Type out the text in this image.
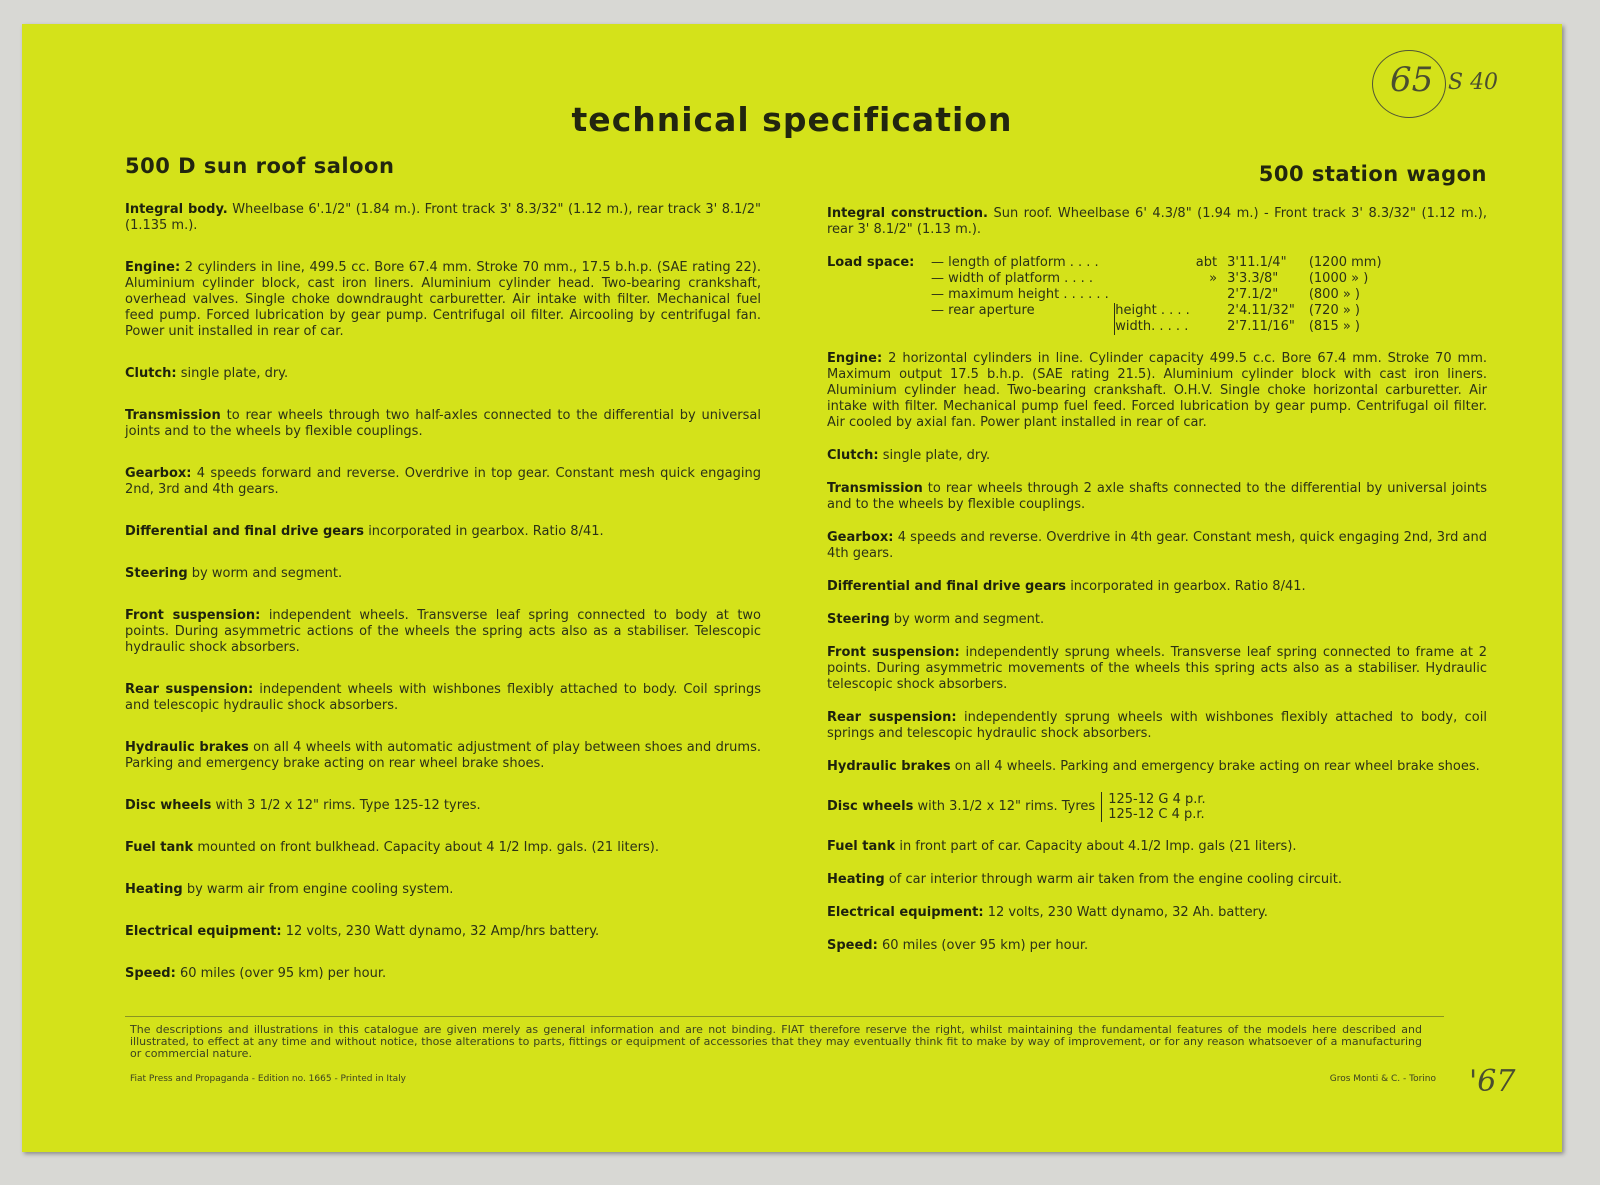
65 S 40
'67
technical specification
500 D sun roof saloon
Integral body. Wheelbase 6'.1/2" (1.84 m.). Front track 3' 8.3/32" (1.12 m.), rear track 3' 8.1/2" (1.135 m.).
Engine: 2 cylinders in line, 499.5 cc. Bore 67.4 mm. Stroke 70 mm., 17.5 b.h.p. (SAE rating 22). Aluminium cylinder block, cast iron liners. Aluminium cylinder head. Two-bearing crankshaft, overhead valves. Single choke downdraught carburetter. Air intake with filter. Mechanical fuel feed pump. Forced lubrication by gear pump. Centrifugal oil filter. Aircooling by centrifugal fan. Power unit installed in rear of car.
Clutch: single plate, dry.
Transmission to rear wheels through two half-axles connected to the differential by universal joints and to the wheels by flexible couplings.
Gearbox: 4 speeds forward and reverse. Overdrive in top gear. Constant mesh quick engaging 2nd, 3rd and 4th gears.
Differential and final drive gears incorporated in gearbox. Ratio 8/41.
Steering by worm and segment.
Front suspension: independent wheels. Transverse leaf spring connected to body at two points. During asymmetric actions of the wheels the spring acts also as a stabiliser. Telescopic hydraulic shock absorbers.
Rear suspension: independent wheels with wishbones flexibly attached to body. Coil springs and telescopic hydraulic shock absorbers.
Hydraulic brakes on all 4 wheels with automatic adjustment of play between shoes and drums. Parking and emergency brake acting on rear wheel brake shoes.
Disc wheels with 3 1/2 x 12" rims. Type 125-12 tyres.
Fuel tank mounted on front bulkhead. Capacity about 4 1/2 Imp. gals. (21 liters).
Heating by warm air from engine cooling system.
Electrical equipment: 12 volts, 230 Watt dynamo, 32 Amp/hrs battery.
Speed: 60 miles (over 95 km) per hour.
500 station wagon
Integral construction. Sun roof. Wheelbase 6' 4.3/8" (1.94 m.) - Front track 3' 8.3/32" (1.12 m.), rear 3' 8.1/2" (1.13 m.).
Load space:	— length of platform . . . .		abt	3'11.1/4"	(1200 mm)
— width of platform . . . .		»	3'3.3/8"	(1000 » )
— maximum height . . . . . .			2'7.1/2"	(800 » )
— rear aperture	height . . . .		2'4.11/32"	(720 » )
	width. . . . .		2'7.11/16"	(815 » )
Engine: 2 horizontal cylinders in line. Cylinder capacity 499.5 c.c. Bore 67.4 mm. Stroke 70 mm. Maximum output 17.5 b.h.p. (SAE rating 21.5). Aluminium cylinder block with cast iron liners. Aluminium cylinder head. Two-bearing crankshaft. O.H.V. Single choke horizontal carburetter. Air intake with filter. Mechanical pump fuel feed. Forced lubrication by gear pump. Centrifugal oil filter. Air cooled by axial fan. Power plant installed in rear of car.
Clutch: single plate, dry.
Transmission to rear wheels through 2 axle shafts connected to the differential by universal joints and to the wheels by flexible couplings.
Gearbox: 4 speeds and reverse. Overdrive in 4th gear. Constant mesh, quick engaging 2nd, 3rd and 4th gears.
Differential and final drive gears incorporated in gearbox. Ratio 8/41.
Steering by worm and segment.
Front suspension: independently sprung wheels. Transverse leaf spring connected to frame at 2 points. During asymmetric movements of the wheels this spring acts also as a stabiliser. Hydraulic telescopic shock absorbers.
Rear suspension: independently sprung wheels with wishbones flexibly attached to body, coil springs and telescopic hydraulic shock absorbers.
Hydraulic brakes on all 4 wheels. Parking and emergency brake acting on rear wheel brake shoes.
Disc wheels with 3.1/2 x 12" rims. Tyres	125-12 G 4 p.r.
125-12 C 4 p.r.
Fuel tank in front part of car. Capacity about 4.1/2 Imp. gals (21 liters).
Heating of car interior through warm air taken from the engine cooling circuit.
Electrical equipment: 12 volts, 230 Watt dynamo, 32 Ah. battery.
Speed: 60 miles (over 95 km) per hour.
The descriptions and illustrations in this catalogue are given merely as general information and are not binding. FIAT therefore reserve the right, whilst maintaining the fundamental features of the models here described and illustrated, to effect at any time and without notice, those alterations to parts, fittings or equipment of accessories that they may eventually think fit to make by way of improvement, or for any reason whatsoever of a manufacturing or commercial nature.
Fiat Press and Propaganda - Edition no. 1665 - Printed in Italy	Gros Monti & C. - Torino
